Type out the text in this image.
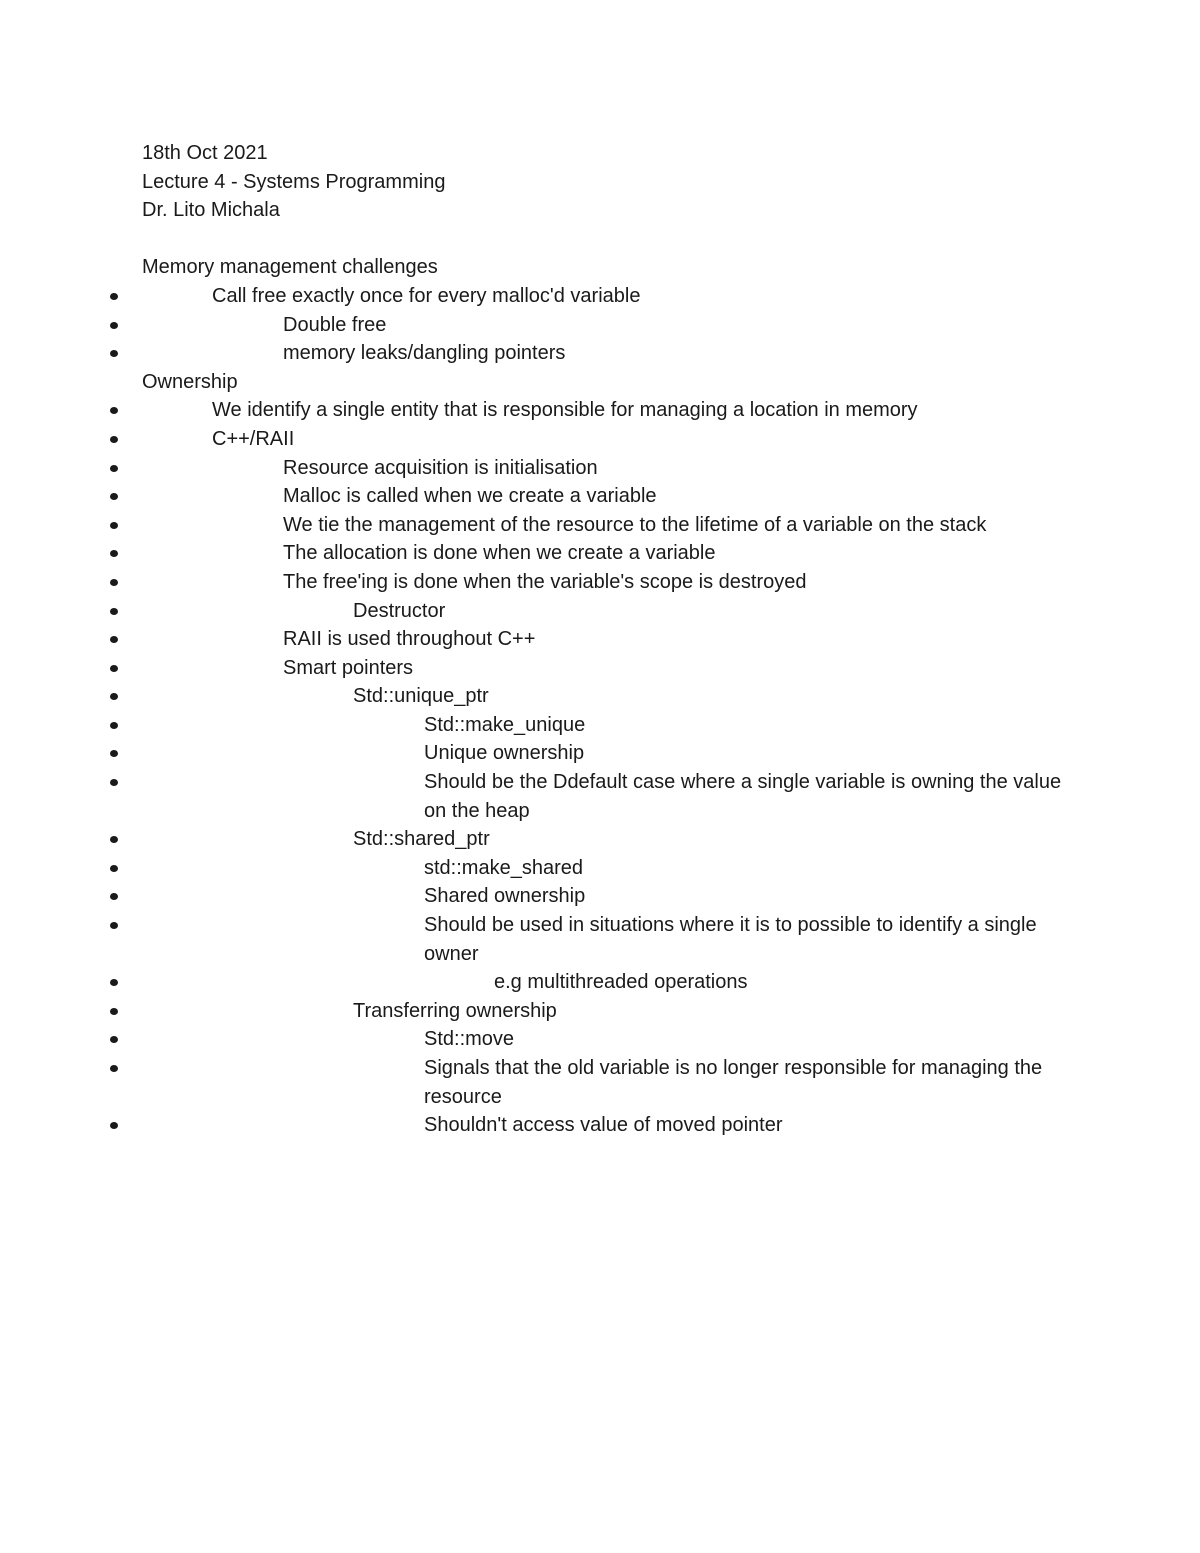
18th Oct 2021

Lecture 4 - Systems Programming

Dr. Lito Michala

Memory management challenges

Call free exactly once for every malloc'd variable
Double free
memory leaks/dangling pointers

Ownership

We identify a single entity that is responsible for managing a location in memory
C++/RAII
Resource acquisition is initialisation
Malloc is called when we create a variable
We tie the management of the resource to the lifetime of a variable on the stack
The allocation is done when we create a variable
The free'ing is done when the variable's scope is destroyed
Destructor
RAII is used throughout C++
Smart pointers
Std::unique_ptr
Std::make_unique
Unique ownership
Should be the Ddefault case where a single variable is owning the value on the heap
Std::shared_ptr
std::make_shared
Shared ownership
Should be used in situations where it is to possible to identify a single owner
e.g multithreaded operations
Transferring ownership
Std::move
Signals that the old variable is no longer responsible for managing the resource
Shouldn't access value of moved pointer
